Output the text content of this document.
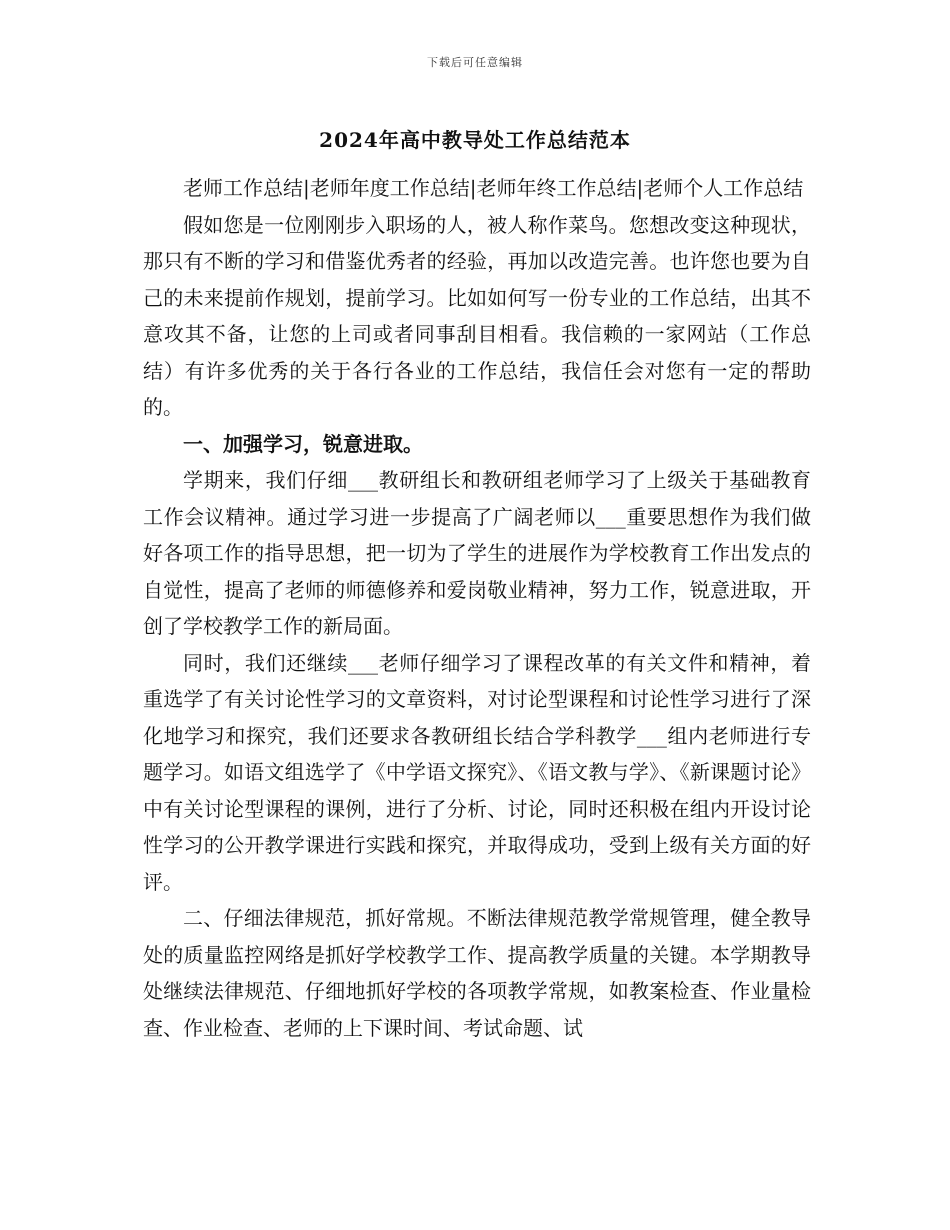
下载后可任意编辑
2024年高中教导处工作总结范本

老师工作总结|老师年度工作总结|老师年终工作总结|老师个人工作总结

假如您是一位刚刚步入职场的人，被人称作菜鸟。您想改变这种现状，那只有不断的学习和借鉴优秀者的经验，再加以改造完善。也许您也要为自己的未来提前作规划，提前学习。比如如何写一份专业的工作总结，出其不意攻其不备，让您的上司或者同事刮目相看。我信赖的一家网站（工作总结）有许多优秀的关于各行各业的工作总结，我信任会对您有一定的帮助的。

一、加强学习，锐意进取。

学期来，我们仔细___教研组长和教研组老师学习了上级关于基础教育工作会议精神。通过学习进一步提高了广阔老师以___重要思想作为我们做好各项工作的指导思想，把一切为了学生的进展作为学校教育工作出发点的自觉性，提高了老师的师德修养和爱岗敬业精神，努力工作，锐意进取，开创了学校教学工作的新局面。

同时，我们还继续___老师仔细学习了课程改革的有关文件和精神，着重选学了有关讨论性学习的文章资料，对讨论型课程和讨论性学习进行了深化地学习和探究，我们还要求各教研组长结合学科教学___组内老师进行专题学习。如语文组选学了《中学语文探究》、《语文教与学》、《新课题讨论》中有关讨论型课程的课例，进行了分析、讨论，同时还积极在组内开设讨论性学习的公开教学课进行实践和探究，并取得成功，受到上级有关方面的好评。

二、仔细法律规范，抓好常规。不断法律规范教学常规管理，健全教导处的质量监控网络是抓好学校教学工作、提高教学质量的关键。本学期教导处继续法律规范、仔细地抓好学校的各项教学常规，如教案检查、作业量检查、作业检查、老师的上下课时间、考试命题、试
